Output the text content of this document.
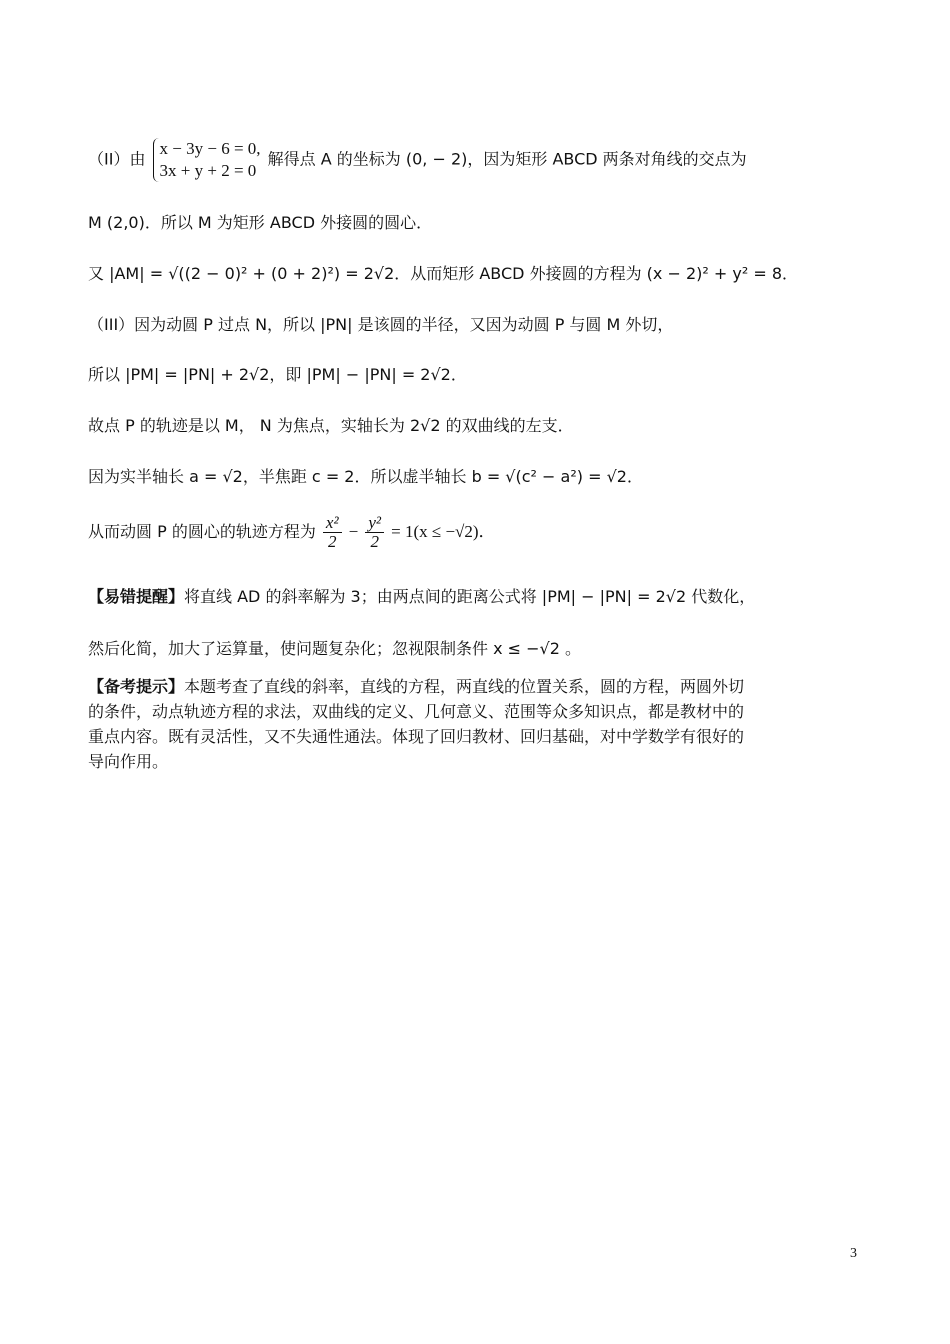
（II）由
x − 3y − 6 = 0,
3x + y + 2 = 0
解得点 A 的坐标为 (0, − 2)，因为矩形 ABCD 两条对角线的交点为
M (2,0)．所以 M 为矩形 ABCD 外接圆的圆心．
又 |AM| = √((2 − 0)² + (0 + 2)²) = 2√2．从而矩形 ABCD 外接圆的方程为 (x − 2)² + y² = 8．
（III）因为动圆 P 过点 N，所以 |PN| 是该圆的半径，又因为动圆 P 与圆 M 外切，
所以 |PM| = |PN| + 2√2，即 |PM| − |PN| = 2√2．
故点 P 的轨迹是以 M， N 为焦点，实轴长为 2√2 的双曲线的左支．
因为实半轴长 a = √2，半焦距 c = 2．所以虚半轴长 b = √(c² − a²) = √2．
从而动圆 P 的圆心的轨迹方程为 $\frac{\text{x²}}{2} - \frac{\text{y²}}{2} = 1(x \le -√2)$．
【易错提醒】将直线 AD 的斜率解为 3；由两点间的距离公式将 |PM| − |PN| = 2√2 代数化，
然后化简，加大了运算量，使问题复杂化；忽视限制条件 x ≤ −√2 。
【备考提示】本题考查了直线的斜率，直线的方程，两直线的位置关系，圆的方程，两圆外切的条件，动点轨迹方程的求法，双曲线的定义、几何意义、范围等众多知识点，都是教材中的重点内容。既有灵活性，又不失通性通法。体现了回归教材、回归基础，对中学数学有很好的导向作用。
3
